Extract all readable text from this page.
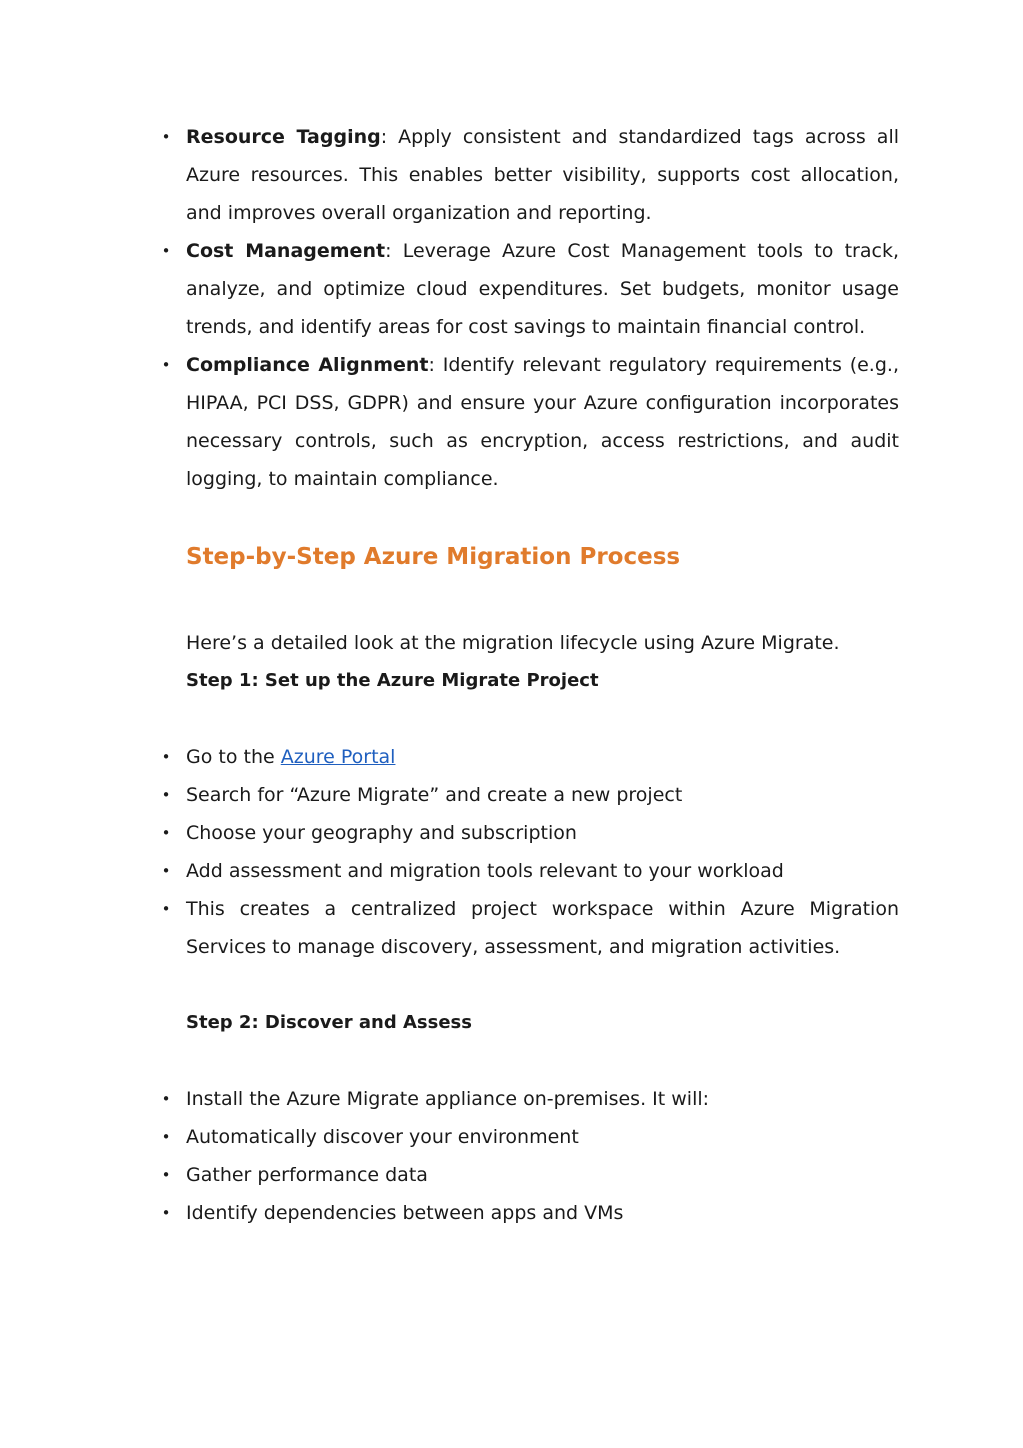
• Resource Tagging: Apply consistent and standardized tags across all Azure resources. This enables better visibility, supports cost allocation, and improves overall organization and reporting.
• Cost Management: Leverage Azure Cost Management tools to track, analyze, and optimize cloud expenditures. Set budgets, monitor usage trends, and identify areas for cost savings to maintain financial control.
• Compliance Alignment: Identify relevant regulatory requirements (e.g., HIPAA, PCI DSS, GDPR) and ensure your Azure configuration incorporates necessary controls, such as encryption, access restrictions, and audit logging, to maintain compliance.
Step-by-Step Azure Migration Process

Here’s a detailed look at the migration lifecycle using Azure Migrate.

Step 1: Set up the Azure Migrate Project

• Go to the Azure Portal
• Search for “Azure Migrate” and create a new project
• Choose your geography and subscription
• Add assessment and migration tools relevant to your workload
• This creates a centralized project workspace within Azure Migration Services to manage discovery, assessment, and migration activities.

Step 2: Discover and Assess

• Install the Azure Migrate appliance on-premises. It will:
• Automatically discover your environment
• Gather performance data
• Identify dependencies between apps and VMs
